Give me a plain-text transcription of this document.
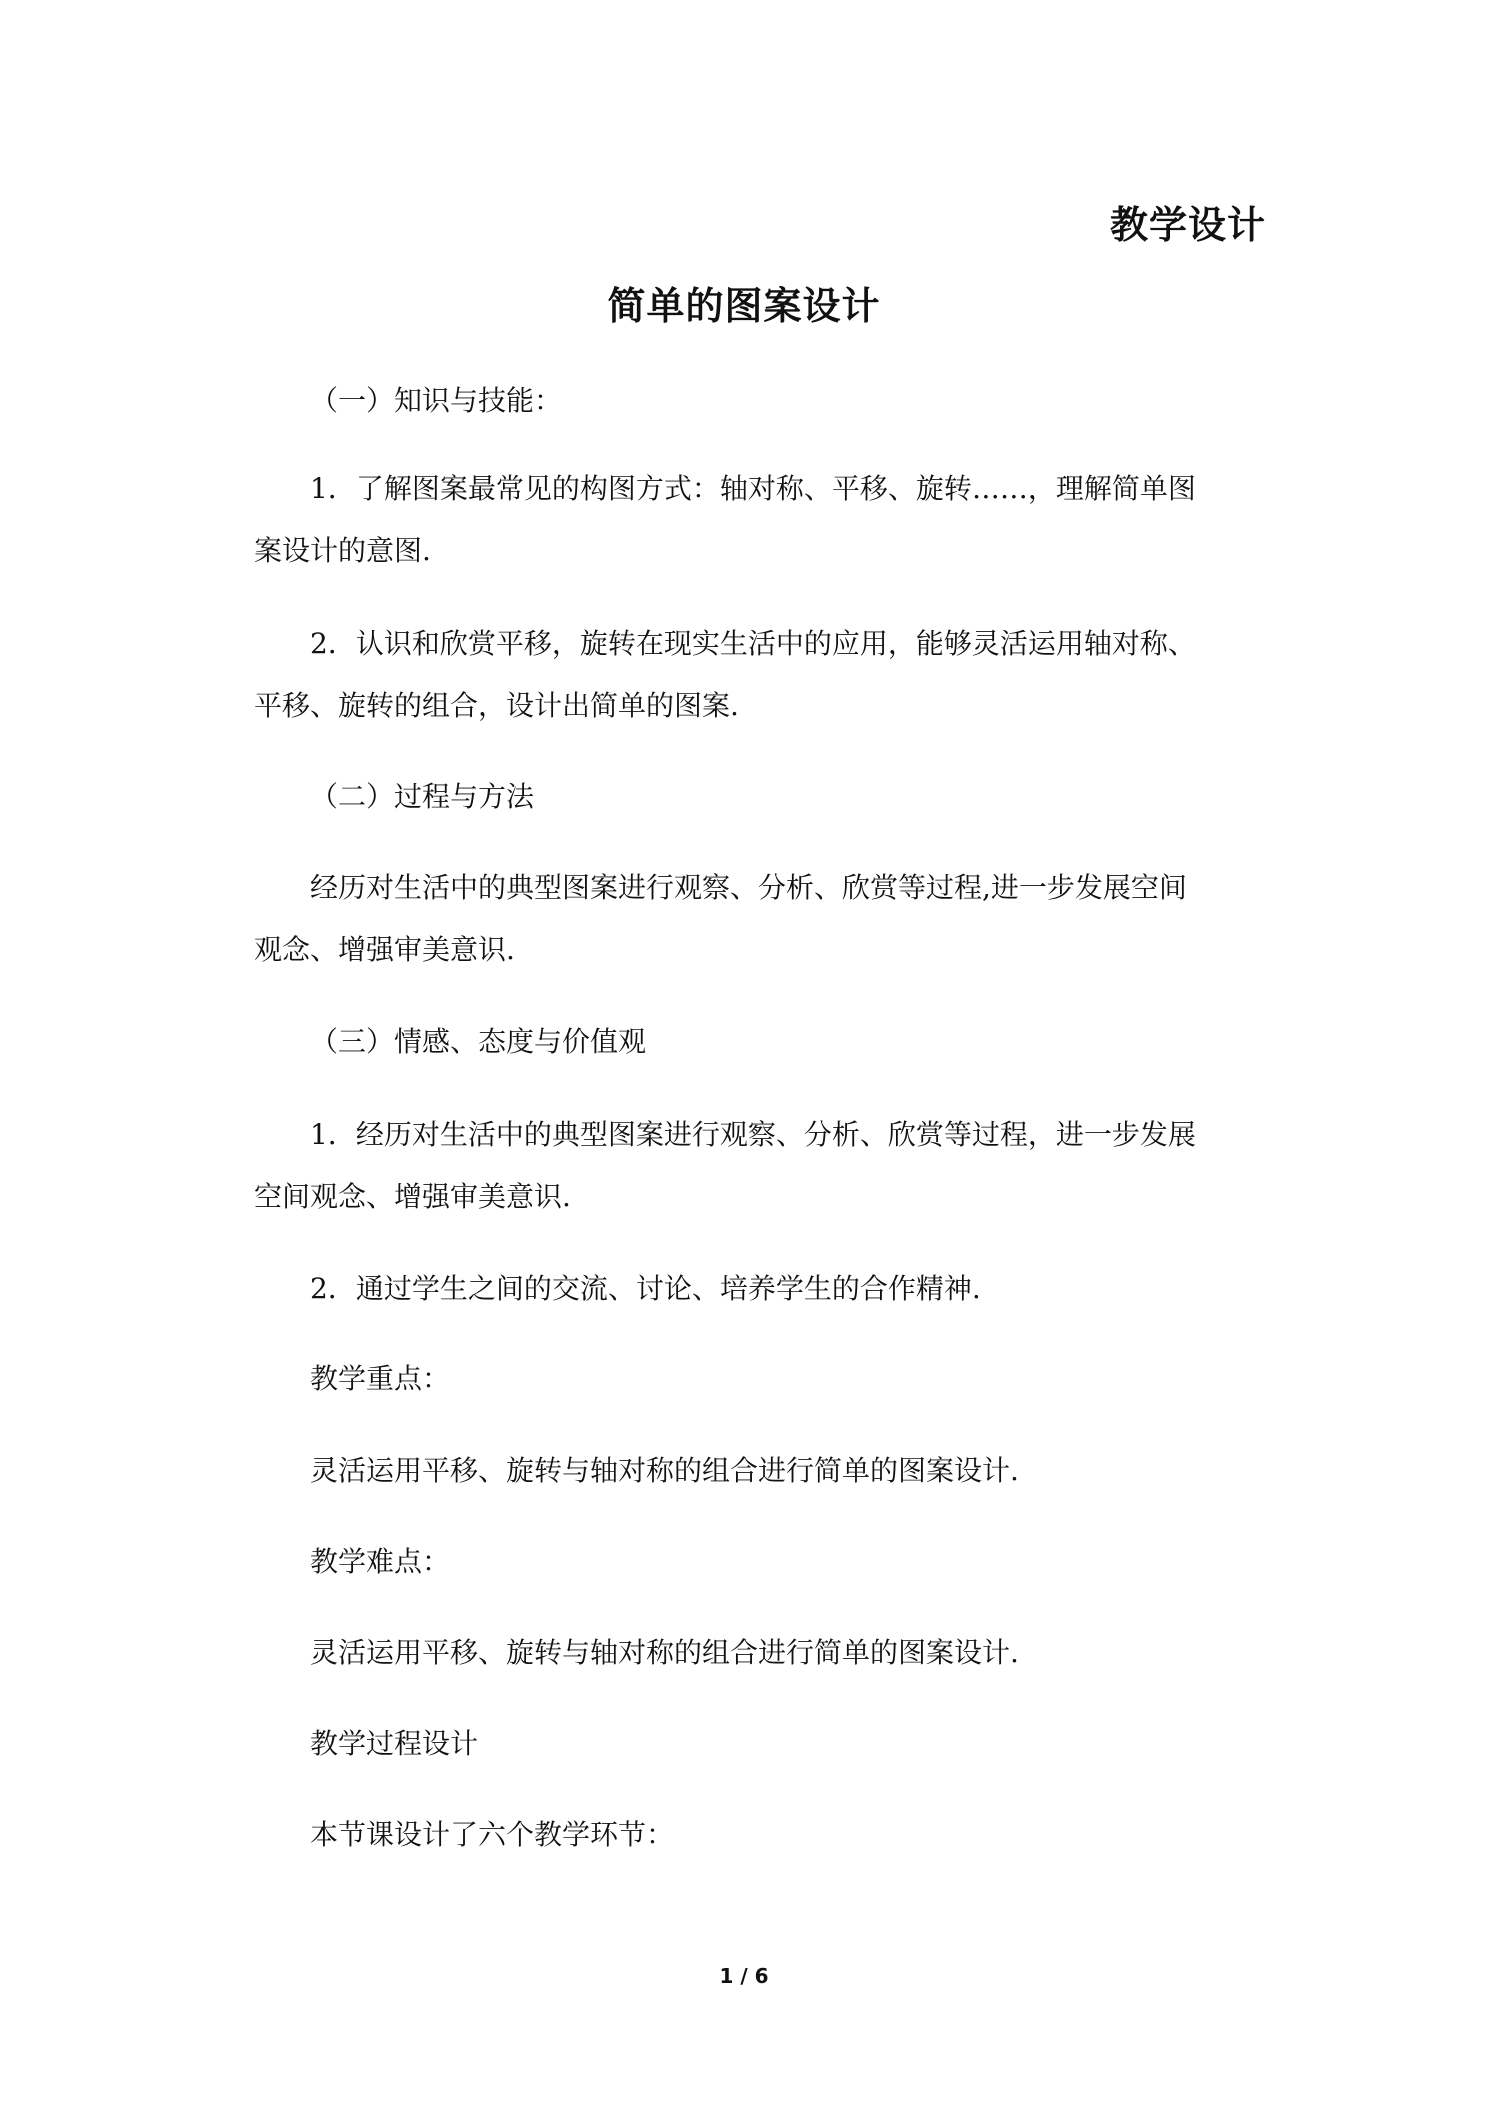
教学设计
简单的图案设计
（一）知识与技能：
1．了解图案最常见的构图方式：轴对称、平移、旋转……，理解简单图
案设计的意图.
2．认识和欣赏平移，旋转在现实生活中的应用，能够灵活运用轴对称、
平移、旋转的组合，设计出简单的图案.
（二）过程与方法
经历对生活中的典型图案进行观察、分析、欣赏等过程,进一步发展空间
观念、增强审美意识.
（三）情感、态度与价值观
1．经历对生活中的典型图案进行观察、分析、欣赏等过程，进一步发展
空间观念、增强审美意识.
2．通过学生之间的交流、讨论、培养学生的合作精神.
教学重点：
灵活运用平移、旋转与轴对称的组合进行简单的图案设计.
教学难点：
灵活运用平移、旋转与轴对称的组合进行简单的图案设计.
教学过程设计
本节课设计了六个教学环节：
1 / 6
